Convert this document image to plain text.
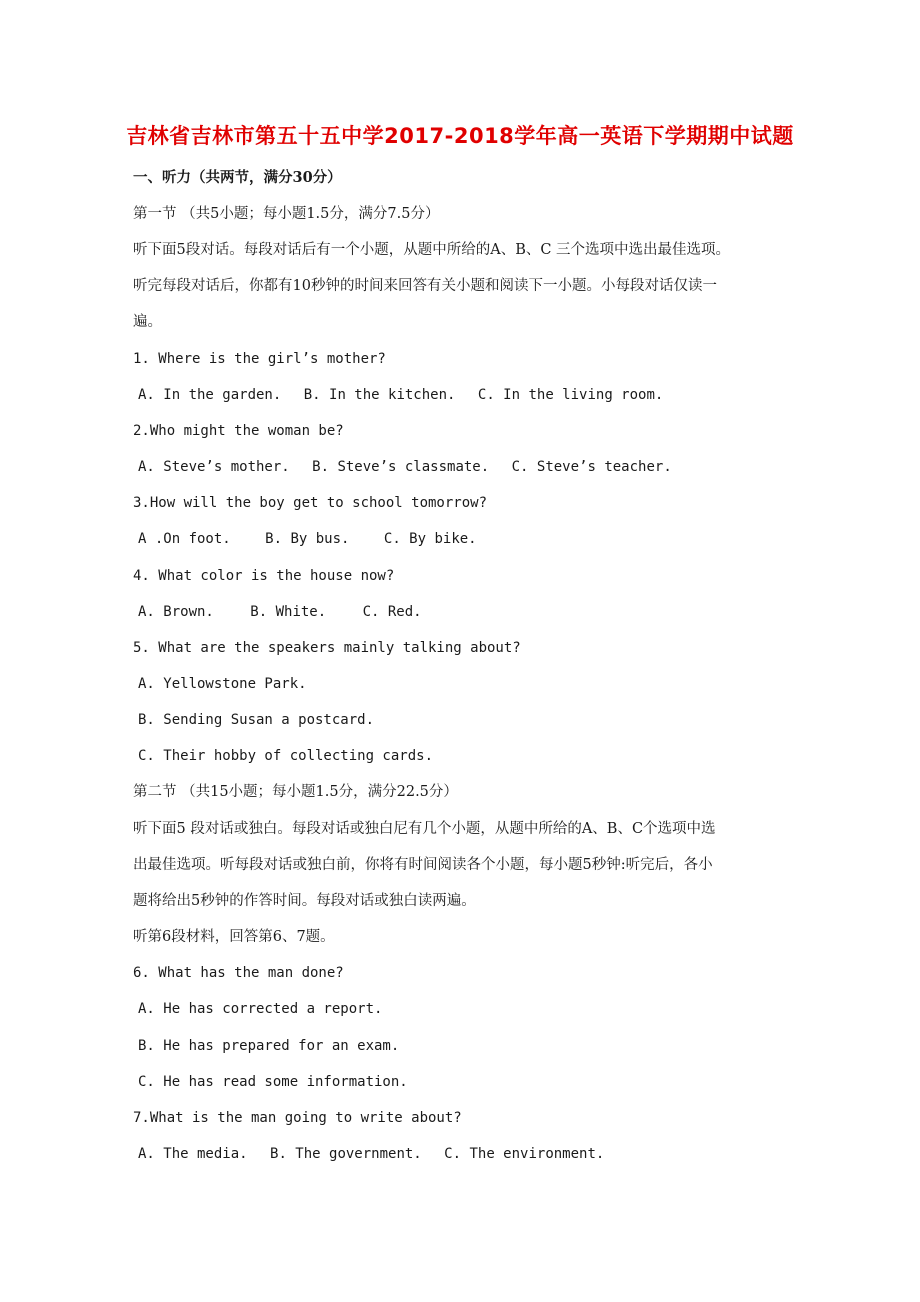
吉林省吉林市第五十五中学2017-2018学年高一英语下学期期中试题
一、听力（共两节，满分30分）
第一节 （共5小题；每小题1.5分，满分7.5分）
听下面5段对话。每段对话后有一个小题，从题中所给的A、B、C 三个选项中选出最佳选项。
听完每段对话后，你都有10秒钟的时间来回答有关小题和阅读下一小题。小每段对话仅读一
遍。
1. Where is the girl’s mother?
A. In the garden. B. In the kitchen. C. In the living room.
2.Who might the woman be?
A. Steve’s mother. B. Steve’s classmate. C. Steve’s teacher.
3.How will the boy get to school tomorrow?
A .On foot. B. By bus. C. By bike.
4. What color is the house now?
A. Brown.	B. White.	C. Red.
5. What are the speakers mainly talking about?
A. Yellowstone Park.
B. Sending Susan a postcard.
C. Their hobby of collecting cards.
第二节 （共15小题；每小题1.5分，满分22.5分）
听下面5 段对话或独白。每段对话或独白尼有几个小题，从题中所给的A、B、C个选项中选
出最佳选项。听每段对话或独白前，你将有时间阅读各个小题，每小题5秒钟:听完后，各小
题将给出5秒钟的作答时间。每段对话或独白读两遍。
听第6段材料，回答第6、7题。
6. What has the man done?
A. He has corrected a report.
B. He has prepared for an exam.
C. He has read some information.
7.What is the man going to write about?
A. The media. B. The government. C. The environment.
